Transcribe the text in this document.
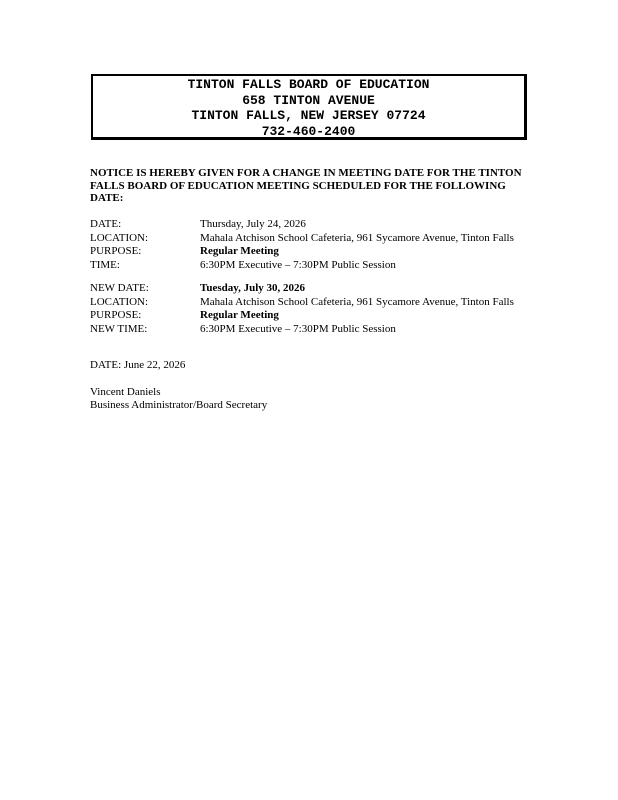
TINTON FALLS BOARD OF EDUCATION
658 TINTON AVENUE
TINTON FALLS, NEW JERSEY 07724
732-460-2400
NOTICE IS HEREBY GIVEN FOR A CHANGE IN MEETING DATE FOR THE TINTON FALLS BOARD OF EDUCATION MEETING SCHEDULED FOR THE FOLLOWING DATE:
DATE:	Thursday, July 24, 2026
LOCATION:	Mahala Atchison School Cafeteria, 961 Sycamore Avenue, Tinton Falls
PURPOSE:	Regular Meeting
TIME:	6:30PM Executive – 7:30PM Public Session
NEW DATE:	Tuesday, July 30, 2026
LOCATION:	Mahala Atchison School Cafeteria, 961 Sycamore Avenue, Tinton Falls
PURPOSE:	Regular Meeting
NEW TIME:	6:30PM Executive – 7:30PM Public Session
DATE: June 22, 2026
Vincent Daniels
Business Administrator/Board Secretary
